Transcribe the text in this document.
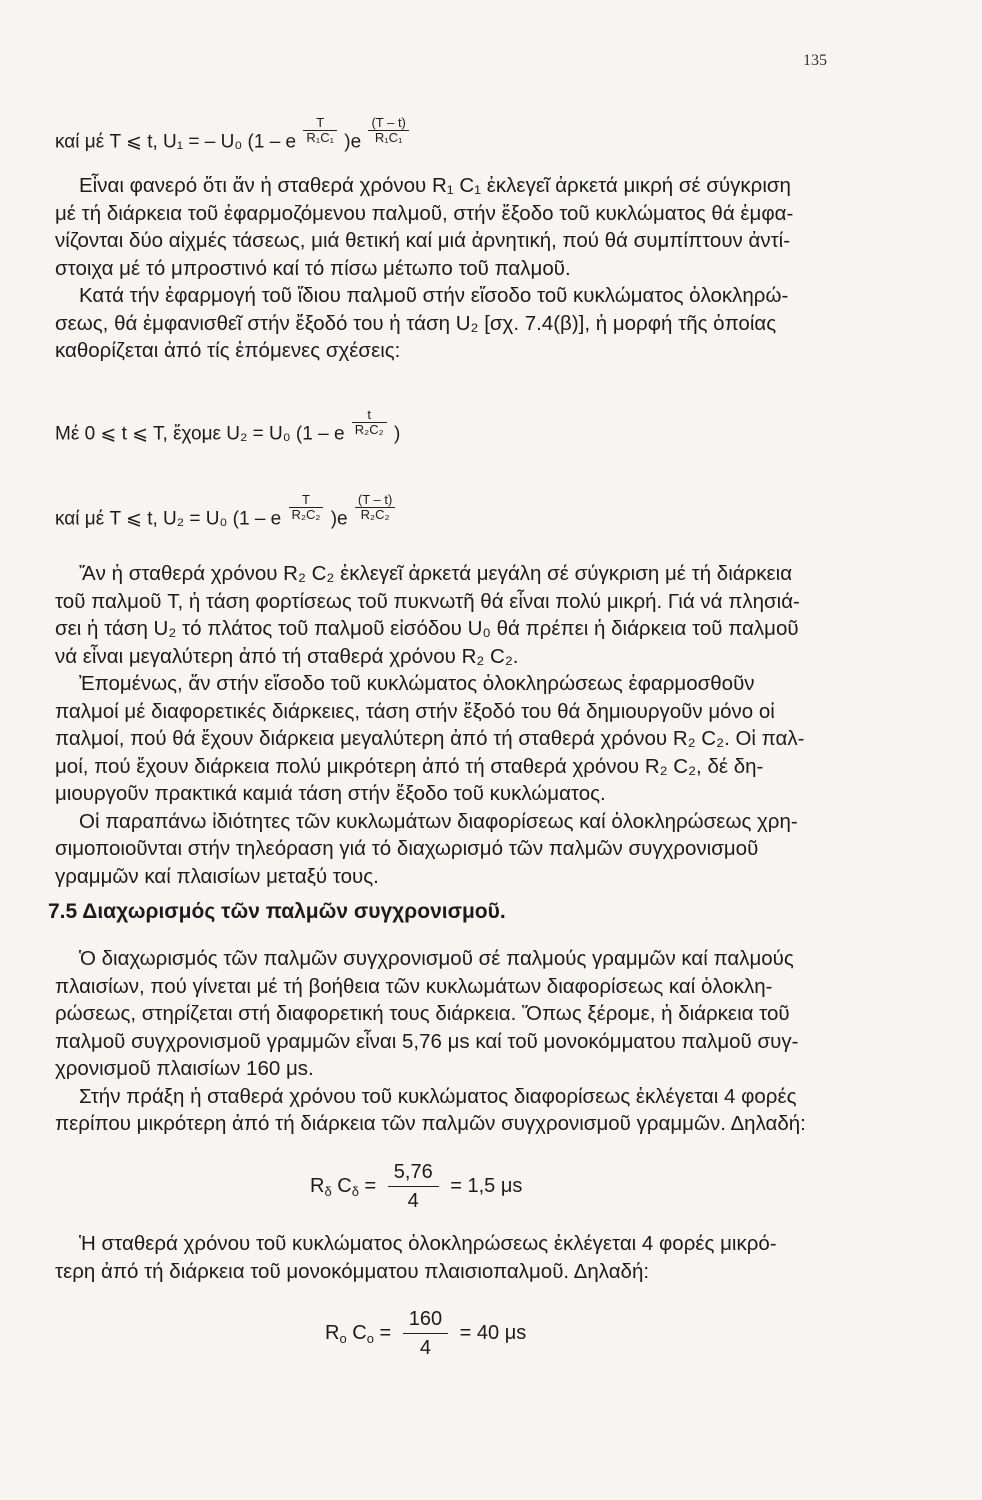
135
καί μέ T ⩽ t, U₁ = – U₀ (1 – e $\frac{T}{\text{R₁C₁}} )e \frac{(T - t)}{\text{R₁C₁}}$

Εἶναι φανερό ὅτι ἄν ἡ σταθερά χρόνου R₁ C₁ ἐκλεγεῖ ἀρκετά μικρή σέ σύγκριση
μέ τή διάρκεια τοῦ ἐφαρμοζόμενου παλμοῦ, στήν ἔξοδο τοῦ κυκλώματος θά ἐμφα-
νίζονται δύο αἰχμές τάσεως, μιά θετική καί μιά ἀρνητική, πού θά συμπίπτουν ἀντί-
στοιχα μέ τό μπροστινό καί τό πίσω μέτωπο τοῦ παλμοῦ.

Κατά τήν ἐφαρμογή τοῦ ἴδιου παλμοῦ στήν εἴσοδο τοῦ κυκλώματος ὁλοκληρώ-
σεως, θά ἐμφανισθεῖ στήν ἔξοδό του ἡ τάση U₂ [σχ. 7.4(β)], ἡ μορφή τῆς ὁποίας
καθορίζεται ἀπό τίς ἑπόμενες σχέσεις:

Μέ 0 ⩽ t ⩽ T, ἔχομε U₂ = U₀ (1 – e $\frac{t}{\text{R₂C₂}}$ )
καί μέ T ⩽ t, U₂ = U₀ (1 – e $\frac{T}{\text{R₂C₂}} )e \frac{(T - t)}{\text{R₂C₂}}$

Ἄν ἡ σταθερά χρόνου R₂ C₂ ἐκλεγεῖ ἀρκετά μεγάλη σέ σύγκριση μέ τή διάρκεια
τοῦ παλμοῦ T, ἡ τάση φορτίσεως τοῦ πυκνωτῆ θά εἶναι πολύ μικρή. Γιά νά πλησιά-
σει ἡ τάση U₂ τό πλάτος τοῦ παλμοῦ εἰσόδου U₀ θά πρέπει ἡ διάρκεια τοῦ παλμοῦ
νά εἶναι μεγαλύτερη ἀπό τή σταθερά χρόνου R₂ C₂.

Ἐπομένως, ἄν στήν εἴσοδο τοῦ κυκλώματος ὁλοκληρώσεως ἐφαρμοσθοῦν
παλμοί μέ διαφορετικές διάρκειες, τάση στήν ἔξοδό του θά δημιουργοῦν μόνο οἱ
παλμοί, πού θά ἔχουν διάρκεια μεγαλύτερη ἀπό τή σταθερά χρόνου R₂ C₂. Οἱ παλ-
μοί, πού ἔχουν διάρκεια πολύ μικρότερη ἀπό τή σταθερά χρόνου R₂ C₂, δέ δη-
μιουργοῦν πρακτικά καμιά τάση στήν ἔξοδο τοῦ κυκλώματος.

Οἱ παραπάνω ἰδιότητες τῶν κυκλωμάτων διαφορίσεως καί ὁλοκληρώσεως χρη-
σιμοποιοῦνται στήν τηλεόραση γιά τό διαχωρισμό τῶν παλμῶν συγχρονισμοῦ
γραμμῶν καί πλαισίων μεταξύ τους.

7.5 Διαχωρισμός τῶν παλμῶν συγχρονισμοῦ.

Ὁ διαχωρισμός τῶν παλμῶν συγχρονισμοῦ σέ παλμούς γραμμῶν καί παλμούς
πλαισίων, πού γίνεται μέ τή βοήθεια τῶν κυκλωμάτων διαφορίσεως καί ὁλοκλη-
ρώσεως, στηρίζεται στή διαφορετική τους διάρκεια. Ὅπως ξέρομε, ἡ διάρκεια τοῦ
παλμοῦ συγχρονισμοῦ γραμμῶν εἶναι 5,76 μs καί τοῦ μονοκόμματου παλμοῦ συγ-
χρονισμοῦ πλαισίων 160 μs.

Στήν πράξη ἡ σταθερά χρόνου τοῦ κυκλώματος διαφορίσεως ἐκλέγεται 4 φορές
περίπου μικρότερη ἀπό τή διάρκεια τῶν παλμῶν συγχρονισμοῦ γραμμῶν. Δηλαδή:

$R_\delta$ $C_\delta = \frac{5,76}{4} = 1,5$ μs

Ἡ σταθερά χρόνου τοῦ κυκλώματος ὁλοκληρώσεως ἐκλέγεται 4 φορές μικρό-
τερη ἀπό τή διάρκεια τοῦ μονοκόμματου πλαισιοπαλμοῦ. Δηλαδή:

$R_o$ $C_o = \frac{160}{4} = 40$ μs
